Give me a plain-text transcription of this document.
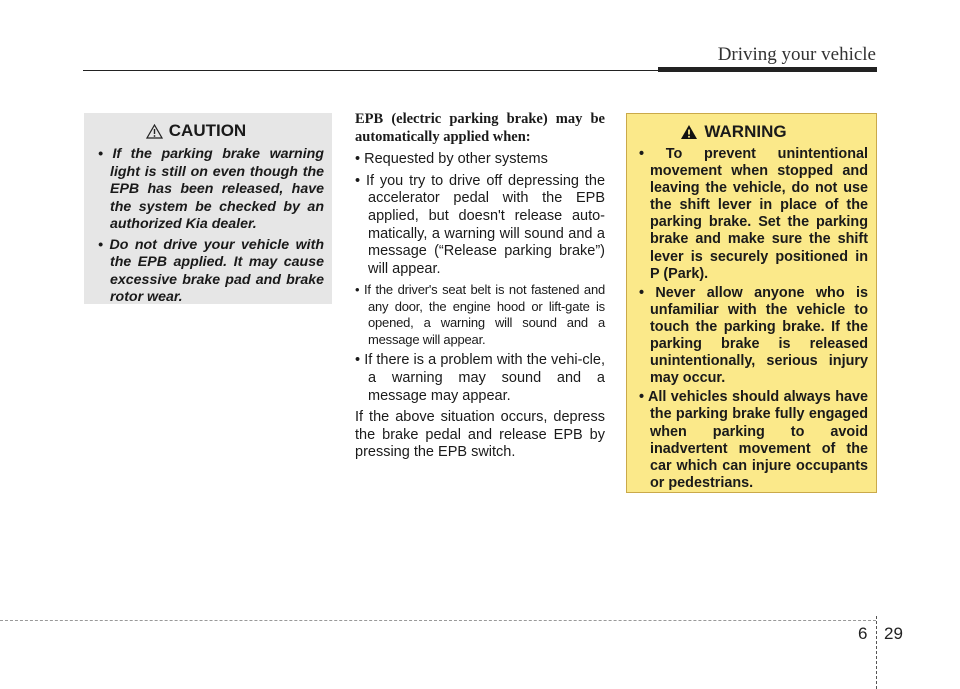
Driving your vehicle
CAUTION
• If the parking brake warning light is still on even though the EPB has been released, have the system be checked by an authorized Kia dealer.
• Do not drive your vehicle with the EPB applied. It may cause excessive brake pad and brake rotor wear.
EPB (electric parking brake) may be automatically applied when:
• Requested by other systems
• If you try to drive off depressing the accelerator pedal with the EPB applied, but doesn't release auto-matically, a warning will sound and a message (“Release parking brake”) will appear.
• If the driver's seat belt is not fastened and any door, the engine hood or lift-gate is opened, a warning will sound and a message will appear.
• If there is a problem with the vehi-cle, a warning may sound and a message may appear.
If the above situation occurs, depress the brake pedal and release EPB by pressing the EPB switch.
WARNING
• To prevent unintentional movement when stopped and leaving the vehicle, do not use the shift lever in place of the parking brake. Set the parking brake and make sure the shift lever is securely positioned in P (Park).
• Never allow anyone who is unfamiliar with the vehicle to touch the parking brake. If the parking brake is released unintentionally, serious injury may occur.
• All vehicles should always have the parking brake fully engaged when parking to avoid inadvertent movement of the car which can injure occupants or pedestrians.
6 29
